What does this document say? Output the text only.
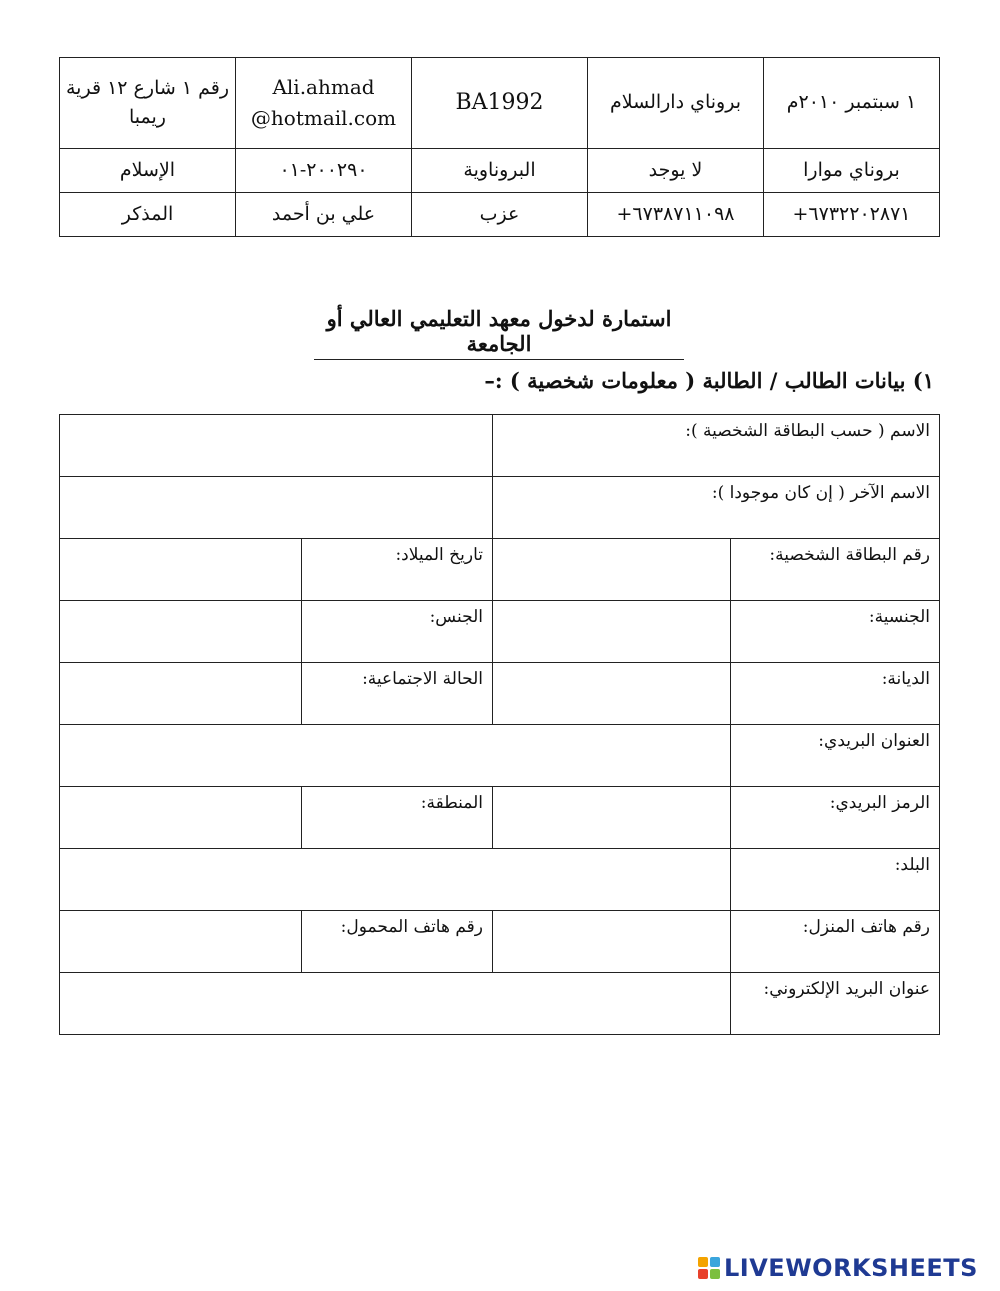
١ سبتمبر ٢٠١٠م	بروناي دارالسلام	BA1992	Ali.ahmad @hotmail.com	رقم ١ شارع ١٢ قرية ريمبا
بروناي موارا	لا يوجد	البروناوية	٢٠٠٢٩٠-٠١	الإسلام
+٦٧٣٢٢٠٢٨٧١	+٦٧٣٨٧١١٠٩٨	عزب	علي بن أحمد	المذكر
استمارة لدخول معهد التعليمي العالي أو الجامعة
١) بيانات الطالب / الطالبة ( معلومات شخصية ) :–
الاسم ( حسب البطاقة الشخصية ):			
الاسم الآخر ( إن كان موجودا ):			
رقم البطاقة الشخصية:		تاريخ الميلاد:	
الجنسية:		الجنس:	
الديانة:		الحالة الاجتماعية:	
العنوان البريدي:			
الرمز البريدي:		المنطقة:	
البلد:			
رقم هاتف المنزل:		رقم هاتف المحمول:	
عنوان البريد الإلكتروني:			
LIVEWORKSHEETS
